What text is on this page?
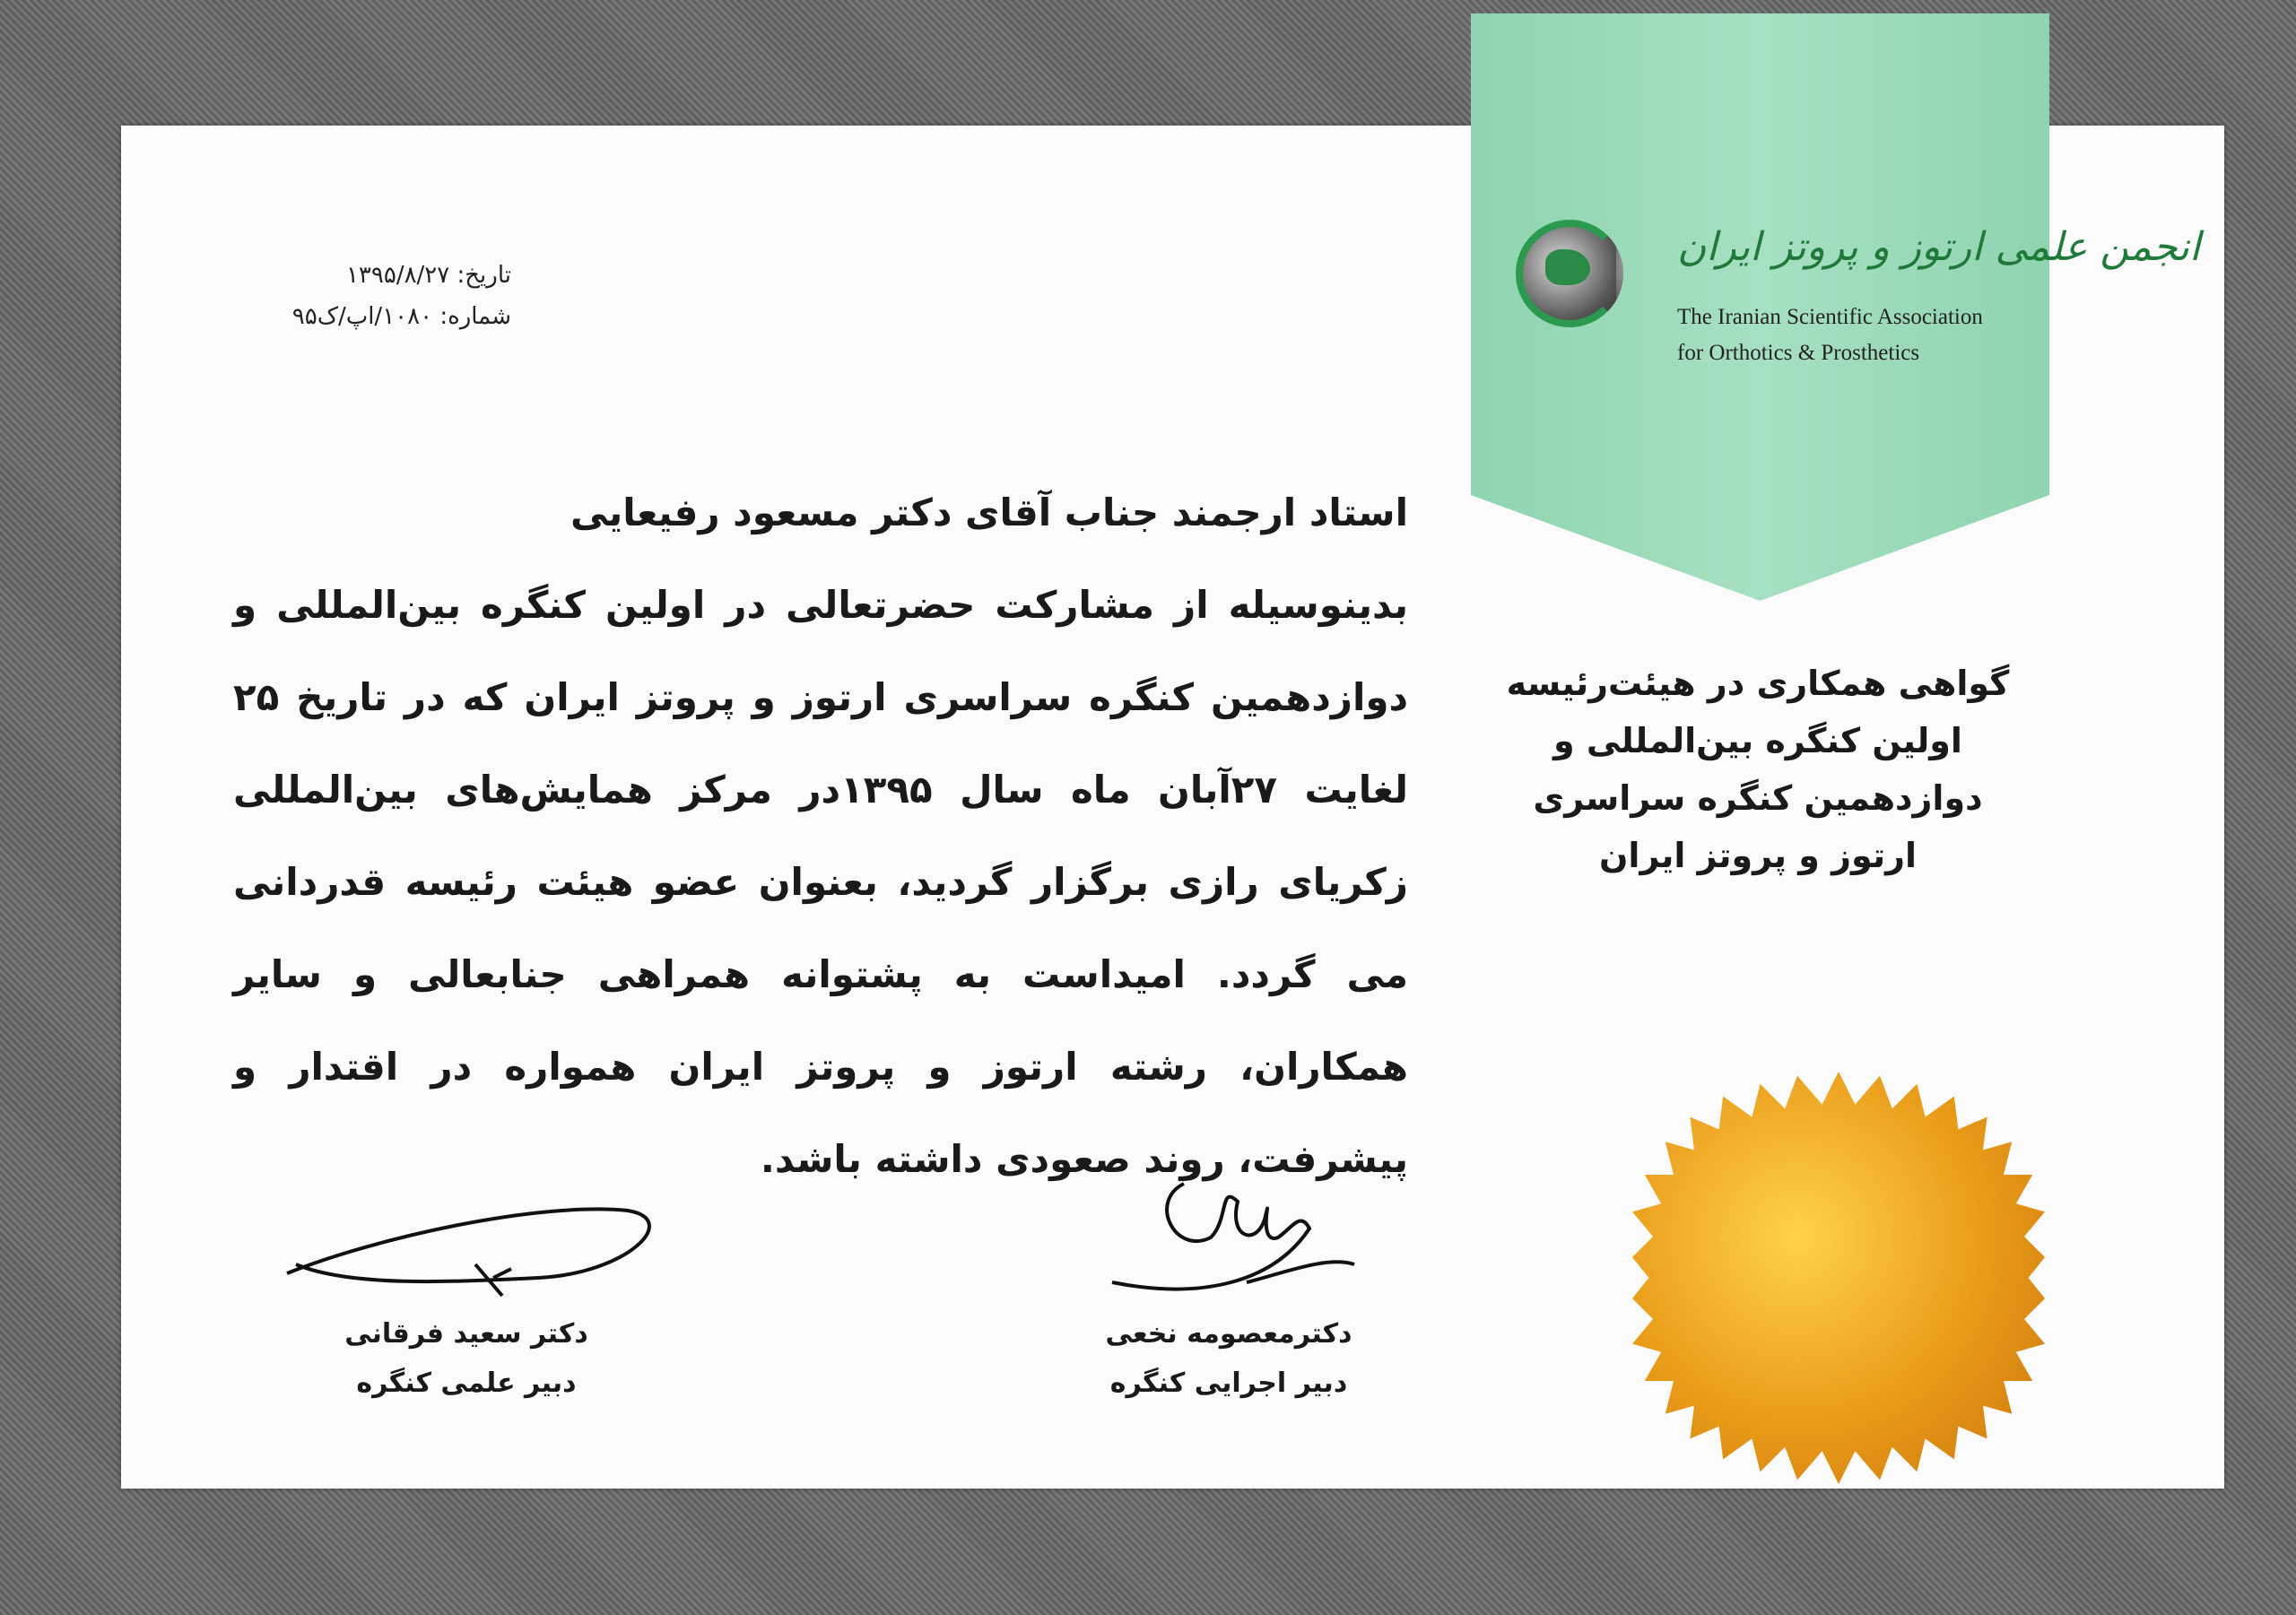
انجمن علمی ارتوز و پروتز ایران
The Iranian Scientific Association
for Orthotics & Prosthetics
تاریخ: ۱۳۹۵/۸/۲۷
شماره: ۱۰۸۰/اپ/ک۹۵
استاد ارجمند جناب آقای دکتر مسعود رفیعایی
بدینوسیله از مشارکت حضرتعالی در اولین کنگره بین‌المللی و دوازدهمین کنگره سراسری ارتوز و پروتز ایران که در تاریخ ۲۵ لغایت ۲۷آبان ماه سال ۱۳۹۵در مرکز همایش‌های بین‌المللی زکریای رازی برگزار گردید، بعنوان عضو هیئت رئیسه قدردانی می گردد. امیداست به پشتوانه همراهی جنابعالی و سایر همکاران، رشته ارتوز و پروتز ایران همواره در اقتدار و پیشرفت، روند صعودی داشته باشد.
گواهی همکاری در هیئت‌رئیسه
اولین کنگره بین‌المللی و
دوازدهمین کنگره سراسری
ارتوز و پروتز ایران
دکتر سعید فرقانی
دبیر علمی کنگره
دکترمعصومه نخعی
دبیر اجرایی کنگره
